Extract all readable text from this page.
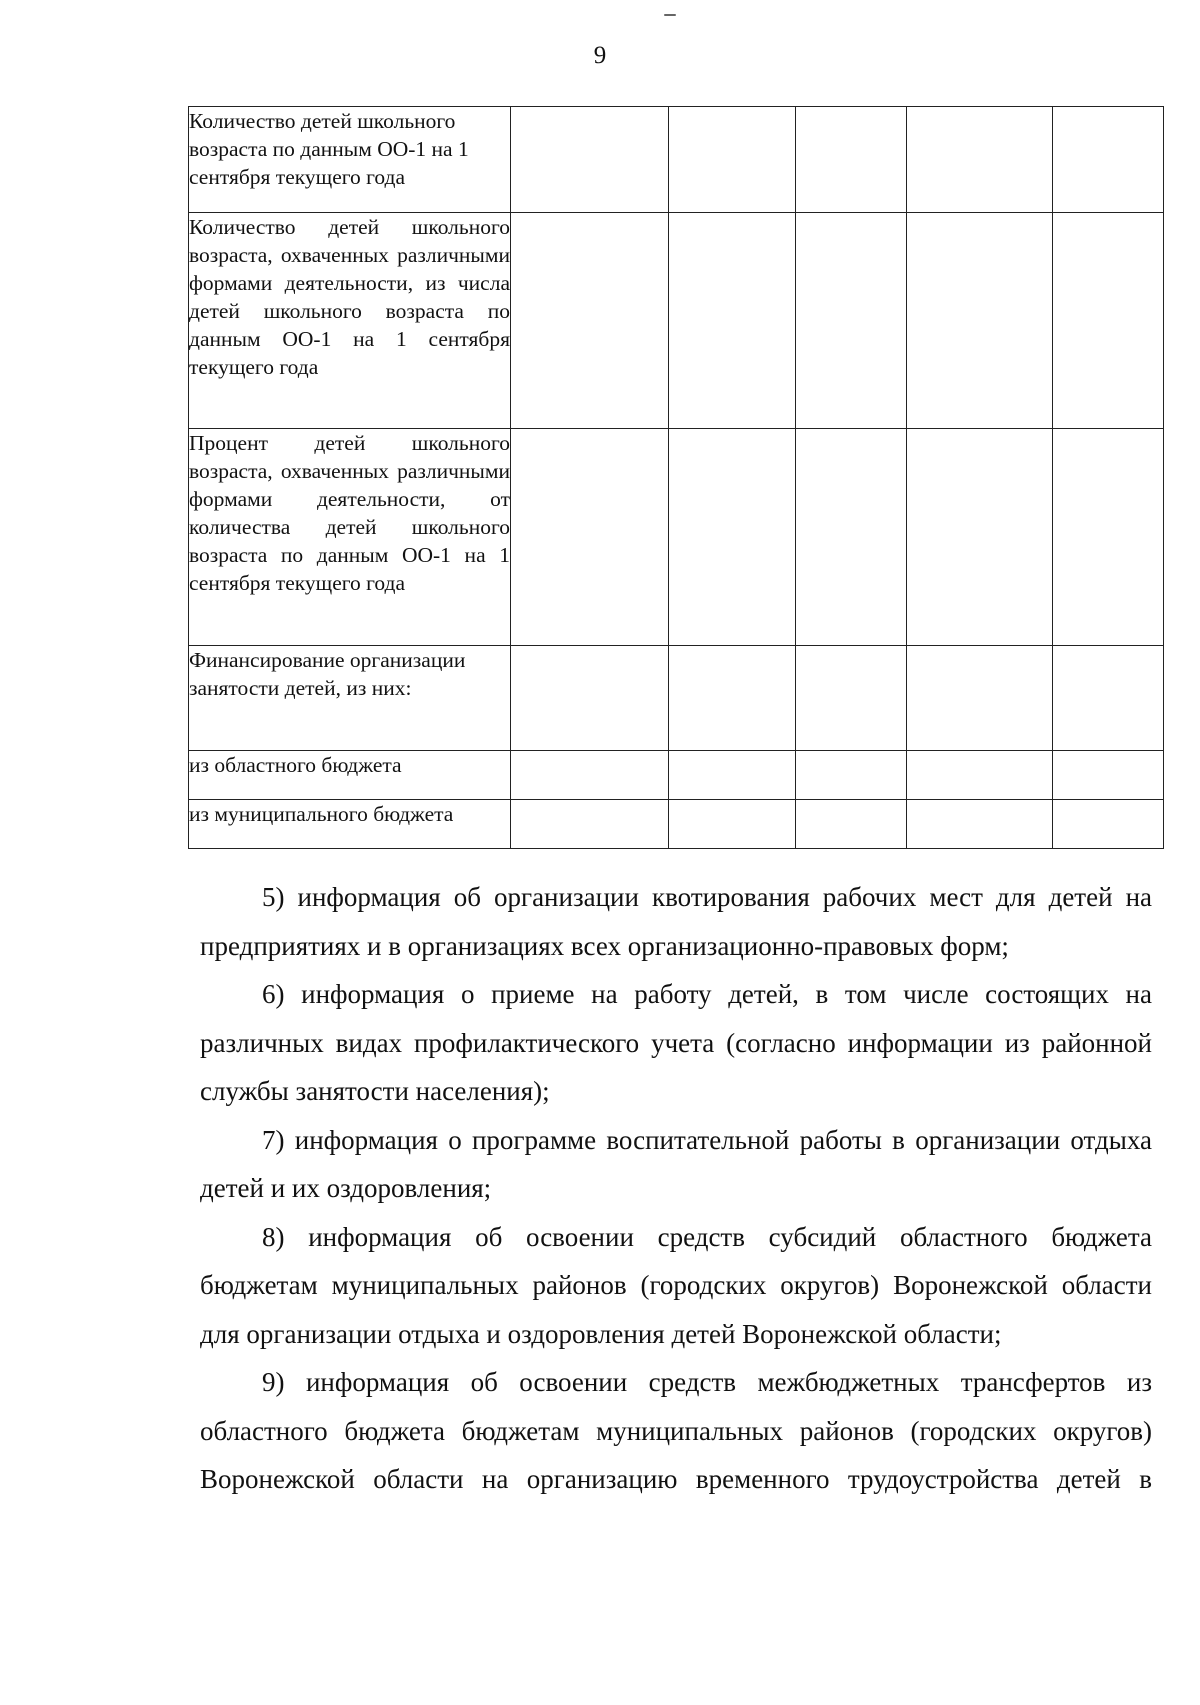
9
Количество детей школьного возраста по данным ОО-1 на 1 сентября текущего года					

Количество детей школьного возраста, охваченных различными формами деятельности, из числа детей школьного возраста по данным ОО-1 на 1 сентября текущего года					

Процент детей школьного возраста, охваченных различными формами деятельности, от количества детей школьного возраста по данным ОО-1 на 1 сентября текущего года					

Финансирование организации занятости детей, из них:					

из областного бюджета					

из муниципального бюджета					

5) информация об организации квотирования рабочих мест для детей на предприятиях и в организациях всех организационно-правовых форм;

6) информация о приеме на работу детей, в том числе состоящих на различных видах профилактического учета (согласно информации из районной службы занятости населения);

7) информация о программе воспитательной работы в организации отдыха детей и их оздоровления;

8) информация об освоении средств субсидий областного бюджета бюджетам муниципальных районов (городских округов) Воронежской области для организации отдыха и оздоровления детей Воронежской области;

9) информация об освоении средств межбюджетных трансфертов из областного бюджета бюджетам муниципальных районов (городских округов) Воронежской области на организацию временного трудоустройства детей в
